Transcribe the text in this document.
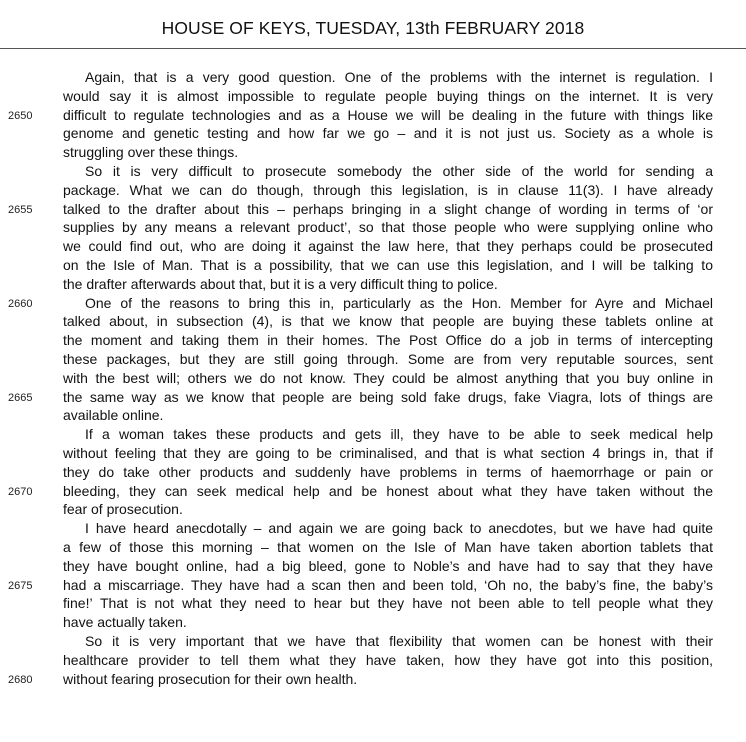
HOUSE OF KEYS, TUESDAY, 13th FEBRUARY 2018
2650
2655
2660
2665
2670
2675
2680
Again, that is a very good question. One of the problems with the internet is regulation. I
would say it is almost impossible to regulate people buying things on the internet. It is very
difficult to regulate technologies and as a House we will be dealing in the future with things like
genome and genetic testing and how far we go – and it is not just us. Society as a whole is
struggling over these things.
So it is very difficult to prosecute somebody the other side of the world for sending a
package. What we can do though, through this legislation, is in clause 11(3). I have already
talked to the drafter about this – perhaps bringing in a slight change of wording in terms of ‘or
supplies by any means a relevant product’, so that those people who were supplying online who
we could find out, who are doing it against the law here, that they perhaps could be prosecuted
on the Isle of Man. That is a possibility, that we can use this legislation, and I will be talking to
the drafter afterwards about that, but it is a very difficult thing to police.
One of the reasons to bring this in, particularly as the Hon. Member for Ayre and Michael
talked about, in subsection (4), is that we know that people are buying these tablets online at
the moment and taking them in their homes. The Post Office do a job in terms of intercepting
these packages, but they are still going through. Some are from very reputable sources, sent
with the best will; others we do not know. They could be almost anything that you buy online in
the same way as we know that people are being sold fake drugs, fake Viagra, lots of things are
available online.
If a woman takes these products and gets ill, they have to be able to seek medical help
without feeling that they are going to be criminalised, and that is what section 4 brings in, that if
they do take other products and suddenly have problems in terms of haemorrhage or pain or
bleeding, they can seek medical help and be honest about what they have taken without the
fear of prosecution.
I have heard anecdotally – and again we are going back to anecdotes, but we have had quite
a few of those this morning – that women on the Isle of Man have taken abortion tablets that
they have bought online, had a big bleed, gone to Noble’s and have had to say that they have
had a miscarriage. They have had a scan then and been told, ‘Oh no, the baby’s fine, the baby’s
fine!’ That is not what they need to hear but they have not been able to tell people what they
have actually taken.
So it is very important that we have that flexibility that women can be honest with their
healthcare provider to tell them what they have taken, how they have got into this position,
without fearing prosecution for their own health.
